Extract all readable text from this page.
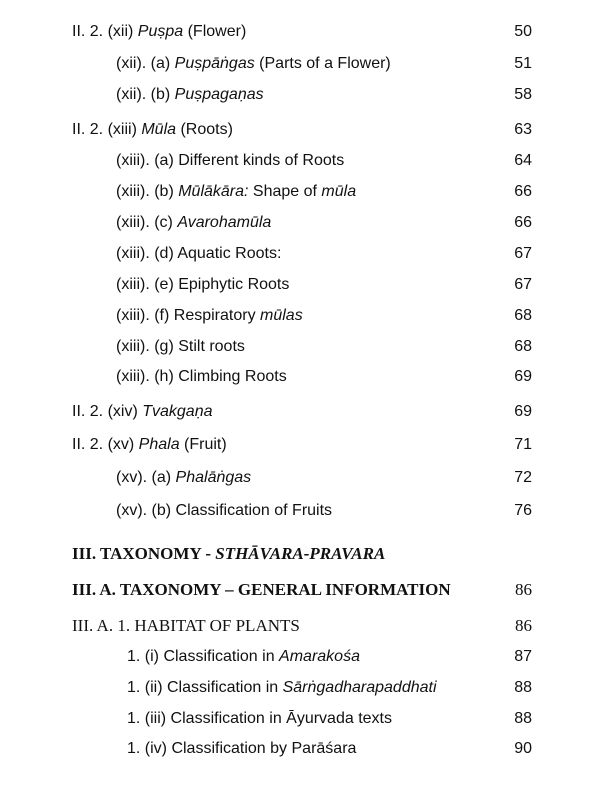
II. 2. (xii) Puṣpa (Flower)	50
(xii). (a) Puṣpāṅgas (Parts of a Flower)	51
(xii). (b) Puṣpagaṇas	58
II. 2. (xiii) Mūla (Roots)	63
(xiii). (a) Different kinds of Roots	64
(xiii). (b) Mūlākāra: Shape of mūla	66
(xiii). (c) Avarohamūla	66
(xiii). (d) Aquatic Roots:	67
(xiii). (e) Epiphytic Roots	67
(xiii). (f) Respiratory mūlas	68
(xiii). (g) Stilt roots	68
(xiii). (h) Climbing Roots	69
II. 2. (xiv) Tvakgaṇa	69
II. 2. (xv) Phala (Fruit)	71
(xv). (a) Phalāṅgas	72
(xv). (b) Classification of Fruits	76
III. TAXONOMY - STHĀVARA-PRAVARA
III. A. TAXONOMY – GENERAL INFORMATION	86
III. A. 1. HABITAT OF PLANTS	86
1. (i) Classification in Amarakośa	87
1. (ii) Classification in Sārṅgadharapaddhati	88
1. (iii) Classification in Āyurvada texts	88
1. (iv) Classification by Parāśara	90
